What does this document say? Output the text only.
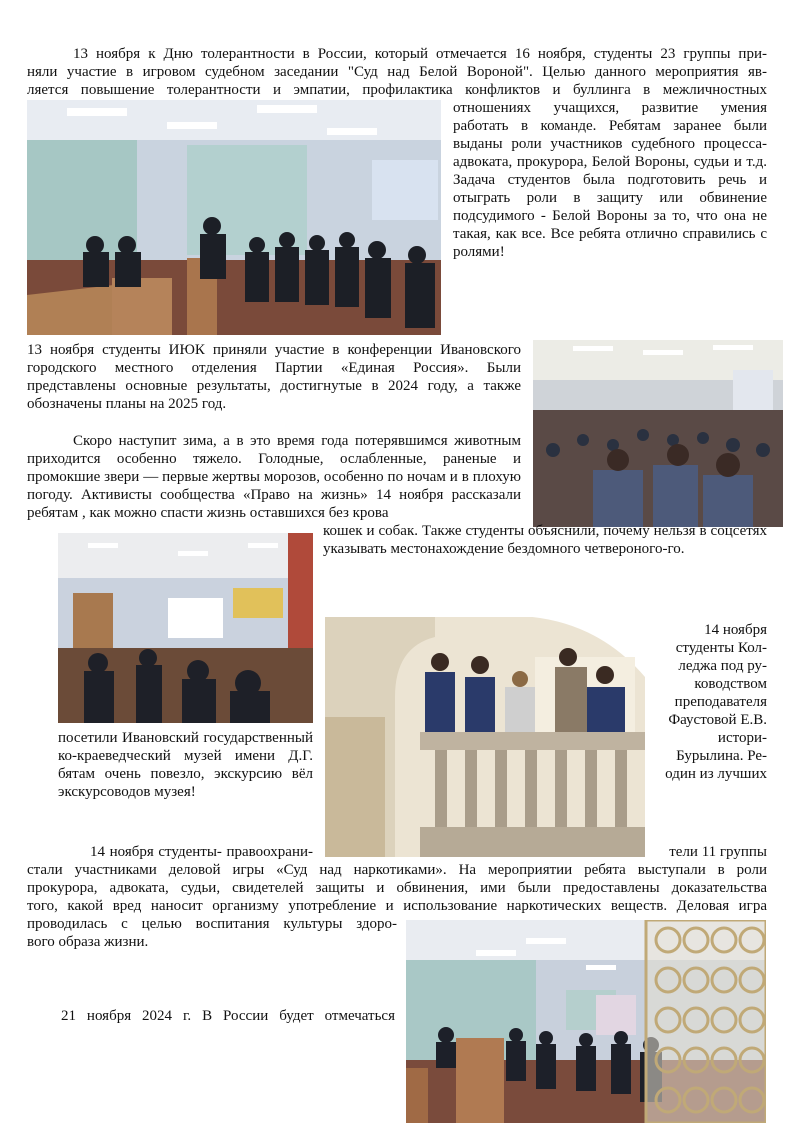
13 ноября к Дню толерантности в России, который отмечается 16 ноября, студенты 23 группы при-

няли участие в игровом судебном заседании "Суд над Белой Вороной". Целью данного мероприятия яв-

ляется повышение толерантности и эмпатии, профилактика конфликтов и буллинга в межличностных

отношениях учащихся, развитие умения работать в команде. Ребятам заранее были выданы роли участников судебного процесса-адвоката, прокурора, Белой Вороны, судьи и т.д. Задача студентов была подготовить речь и отыграть роли в защиту или обвинение подсудимого - Белой Вороны за то, что она не такая, как все. Все ребята отлично справились с ролями!

13 ноября студенты ИЮК приняли участие в конференции Ивановского городского местного отделения Партии «Единая Россия». Были представлены основные результаты, достигнутые в 2024 году, а также обозначены планы на 2025 год.

Скоро наступит зима, а в это время года потерявшимся животным приходится особенно тяжело. Голодные, ослабленные, раненые и промокшие звери — первые жертвы морозов, особенно по ночам и в плохую погоду. Активисты сообщества «Право на жизнь» 14 ноября рассказали ребятам , как можно спасти жизнь оставшихся без крова

кошек и собак. Также студенты объяснили, почему нельзя в соцсетях указывать местонахождение бездомного четвероного-го.

14 ноября

студенты Кол-

леджа под ру-

ководством

преподавателя

Фаустовой Е.В.

истори-

Бурылина. Ре-

один из лучших

посетили Ивановский государственный

ко-краеведческий музей имени Д.Г.

бятам очень повезло, экскурсию вёл

экскурсоводов музея!

14 ноября студенты- правоохрани-	тели 11 группы

стали участниками деловой игры «Суд над наркотиками». На мероприятии ребята выступали в роли

прокурора, адвоката, судьи, свидетелей защиты и обвинения, ими были предоставлены доказательства

того, какой вред наносит организму употребление и использование наркотических веществ. Деловая игра

проводилась с целью воспитания культуры здоро-

вого образа жизни.

21 ноября 2024 г. В России будет отмечаться
